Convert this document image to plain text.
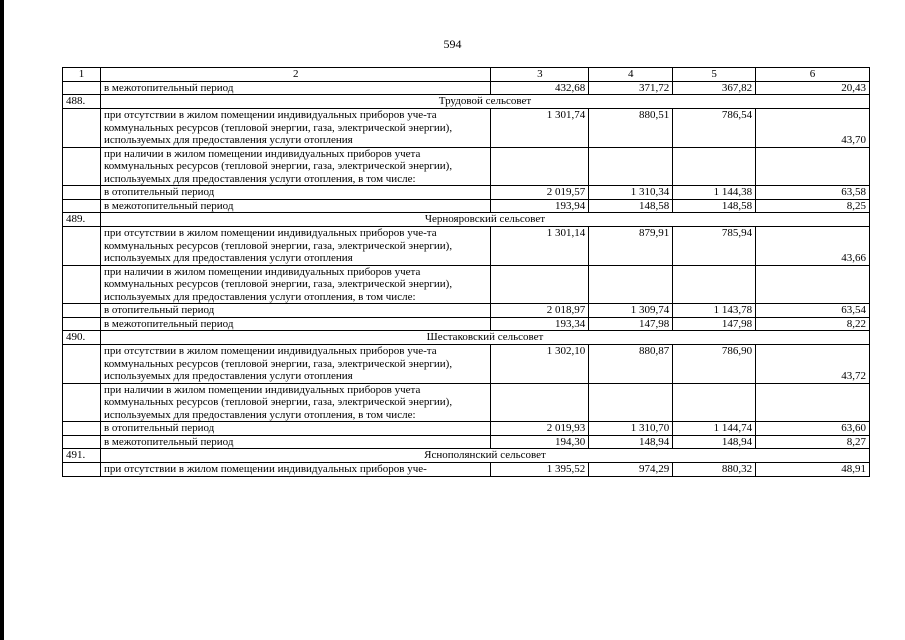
594
1	2	3	4	5	6
	в межотопительный период	432,68	371,72	367,82	20,43
488.	Трудовой сельсовет				
	при отсутствии в жилом помещении индивидуальных приборов уче-та коммунальных ресурсов (тепловой энергии, газа, электрической энергии), используемых для предоставления услуги отопления	1 301,74	880,51	786,54	43,70
	при наличии в жилом помещении индивидуальных приборов учета коммунальных ресурсов (тепловой энергии, газа, электрической энергии), используемых для предоставления услуги отопления, в том числе:				
	в отопительный период	2 019,57	1 310,34	1 144,38	63,58
	в межотопительный период	193,94	148,58	148,58	8,25
489.	Чернояровский сельсовет				
	при отсутствии в жилом помещении индивидуальных приборов уче-та коммунальных ресурсов (тепловой энергии, газа, электрической энергии), используемых для предоставления услуги отопления	1 301,14	879,91	785,94	43,66
	при наличии в жилом помещении индивидуальных приборов учета коммунальных ресурсов (тепловой энергии, газа, электрической энергии), используемых для предоставления услуги отопления, в том числе:				
	в отопительный период	2 018,97	1 309,74	1 143,78	63,54
	в межотопительный период	193,34	147,98	147,98	8,22
490.	Шестаковский сельсовет				
	при отсутствии в жилом помещении индивидуальных приборов уче-та коммунальных ресурсов (тепловой энергии, газа, электрической энергии), используемых для предоставления услуги отопления	1 302,10	880,87	786,90	43,72
	при наличии в жилом помещении индивидуальных приборов учета коммунальных ресурсов (тепловой энергии, газа, электрической энергии), используемых для предоставления услуги отопления, в том числе:				
	в отопительный период	2 019,93	1 310,70	1 144,74	63,60
	в межотопительный период	194,30	148,94	148,94	8,27
491.	Яснополянский сельсовет				
	при отсутствии в жилом помещении индивидуальных приборов уче-	1 395,52	974,29	880,32	48,91
